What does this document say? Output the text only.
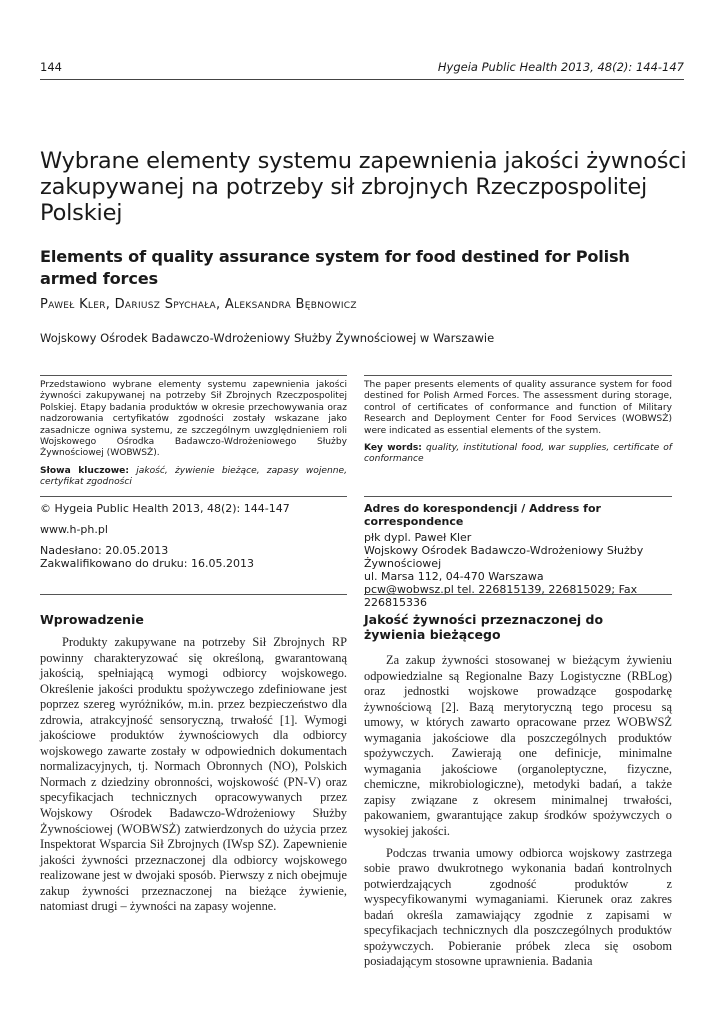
144	Hygeia Public Health 2013, 48(2): 144-147
Wybrane elementy systemu zapewnienia jakości żywności zakupywanej na potrzeby sił zbrojnych Rzeczpospolitej Polskiej
Elements of quality assurance system for food destined for Polish armed forces
Paweł Kler, Dariusz Spychała, Aleksandra Bębnowicz
Wojskowy Ośrodek Badawczo-Wdrożeniowy Służby Żywnościowej w Warszawie

Przedstawiono wybrane elementy systemu zapewnienia jakości żywności zakupywanej na potrzeby Sił Zbrojnych Rzeczpospolitej Polskiej. Etapy badania produktów w okresie przechowywania oraz nadzorowania certyfikatów zgodności zostały wskazane jako zasadnicze ogniwa systemu, ze szczególnym uwzględnieniem roli Wojskowego Ośrodka Badawczo-Wdrożeniowego Służby Żywnościowej (WOBWSŻ).

Słowa kluczowe: jakość, żywienie bieżące, zapasy wojenne, certyfikat zgodności

The paper presents elements of quality assurance system for food destined for Polish Armed Forces. The assessment during storage, control of certificates of conformance and function of Military Research and Deployment Center for Food Services (WOBWSŻ) were indicated as essential elements of the system.

Key words: quality, institutional food, war supplies, certificate of conformance

© Hygeia Public Health 2013, 48(2): 144-147

www.h-ph.pl

Nadesłano: 20.05.2013

Zakwalifikowano do druku: 16.05.2013

Adres do korespondencji / Address for correspondence

płk dypl. Paweł Kler

Wojskowy Ośrodek Badawczo-Wdrożeniowy Służby

Żywnościowej

ul. Marsa 112, 04-470 Warszawa

pcw@wobwsz.pl tel. 226815139, 226815029; Fax 226815336

Wprowadzenie

Produkty zakupywane na potrzeby Sił Zbrojnych RP powinny charakteryzować się określoną, gwarantowaną jakością, spełniającą wymogi odbiorcy wojskowego. Określenie jakości produktu spożywczego zdefiniowane jest poprzez szereg wyróżników, m.in. przez bezpieczeństwo dla zdrowia, atrakcyjność sensoryczną, trwałość [1]. Wymogi jakościowe produktów żywnościowych dla odbiorcy wojskowego zawarte zostały w odpowiednich dokumentach normalizacyjnych, tj. Normach Obronnych (NO), Polskich Normach z dziedziny obronności, wojskowość (PN-V) oraz specyfikacjach technicznych opracowywanych przez Wojskowy Ośrodek Badawczo-Wdrożeniowy Służby Żywnościowej (WOBWSŻ) zatwierdzonych do użycia przez Inspektorat Wsparcia Sił Zbrojnych (IWsp SZ). Zapewnienie jakości żywności przeznaczonej dla odbiorcy wojskowego realizowane jest w dwojaki sposób. Pierwszy z nich obejmuje zakup żywności przeznaczonej na bieżące żywienie, natomiast drugi – żywności na zapasy wojenne.

Jakość żywności przeznaczonej do żywienia bieżącego

Za zakup żywności stosowanej w bieżącym żywieniu odpowiedzialne są Regionalne Bazy Logistyczne (RBLog) oraz jednostki wojskowe prowadzące gospodarkę żywnościową [2]. Bazą merytoryczną tego procesu są umowy, w których zawarto opracowane przez WOBWSŻ wymagania jakościowe dla poszczególnych produktów spożywczych. Zawierają one definicje, minimalne wymagania jakościowe (organoleptyczne, fizyczne, chemiczne, mikrobiologiczne), metodyki badań, a także zapisy związane z okresem minimalnej trwałości, pakowaniem, gwarantujące zakup środków spożywczych o wysokiej jakości.

Podczas trwania umowy odbiorca wojskowy zastrzega sobie prawo dwukrotnego wykonania badań kontrolnych potwierdzających zgodność produktów z wyspecyfikowanymi wymaganiami. Kierunek oraz zakres badań określa zamawiający zgodnie z zapisami w specyfikacjach technicznych dla poszczególnych produktów spożywczych. Pobieranie próbek zleca się osobom posiadającym stosowne uprawnienia. Badania
